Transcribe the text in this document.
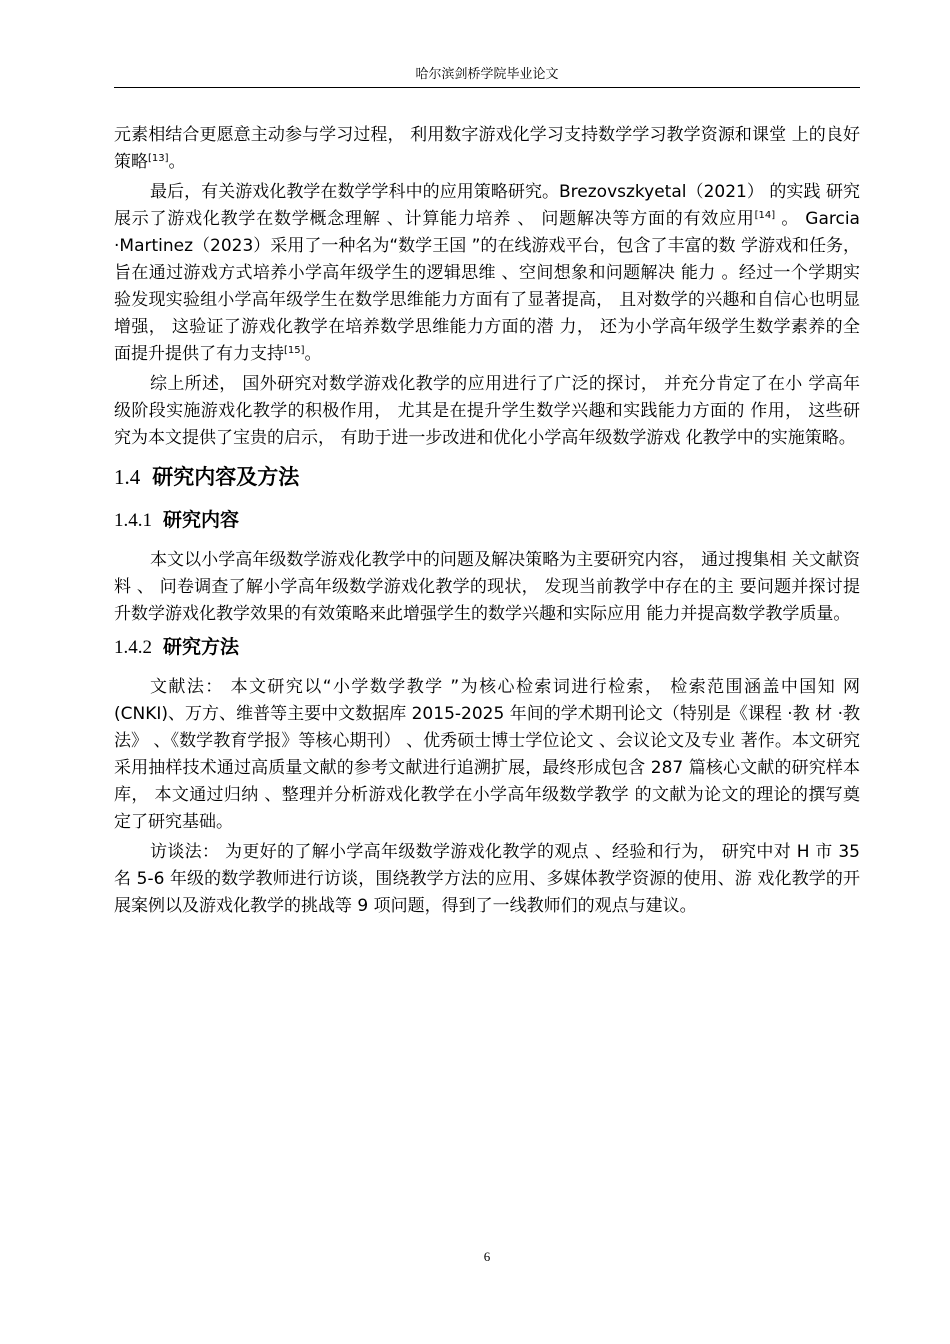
哈尔滨剑桥学院毕业论文

元素相结合更愿意主动参与学习过程， 利用数字游戏化学习支持数学学习教学资源和课堂 上的良好策略[13]。

最后，有关游戏化教学在数学学科中的应用策略研究。Brezovszkyetal（2021） 的实践 研究展示了游戏化教学在数学概念理解 、计算能力培养 、 问题解决等方面的有效应用[14] 。 Garcia ·Martinez（2023）采用了一种名为“数学王国 ”的在线游戏平台，包含了丰富的数 学游戏和任务， 旨在通过游戏方式培养小学高年级学生的逻辑思维 、空间想象和问题解决 能力 。经过一个学期实验发现实验组小学高年级学生在数学思维能力方面有了显著提高， 且对数学的兴趣和自信心也明显增强， 这验证了游戏化教学在培养数学思维能力方面的潜 力， 还为小学高年级学生数学素养的全面提升提供了有力支持[15]。

综上所述， 国外研究对数学游戏化教学的应用进行了广泛的探讨， 并充分肯定了在小 学高年级阶段实施游戏化教学的积极作用， 尤其是在提升学生数学兴趣和实践能力方面的 作用， 这些研究为本文提供了宝贵的启示， 有助于进一步改进和优化小学高年级数学游戏 化教学中的实施策略。

1.4 研究内容及方法
1.4.1 研究内容

本文以小学高年级数学游戏化教学中的问题及解决策略为主要研究内容， 通过搜集相 关文献资料 、 问卷调查了解小学高年级数学游戏化教学的现状， 发现当前教学中存在的主 要问题并探讨提升数学游戏化教学效果的有效策略来此增强学生的数学兴趣和实际应用 能力并提高数学教学质量。

1.4.2 研究方法

文献法： 本文研究以“小学数学教学 ”为核心检索词进行检索， 检索范围涵盖中国知 网(CNKI)、万方、维普等主要中文数据库 2015-2025 年间的学术期刊论文（特别是《课程 ·教 材 ·教法》 、《数学教育学报》等核心期刊） 、优秀硕士博士学位论文 、会议论文及专业 著作。本文研究采用抽样技术通过高质量文献的参考文献进行追溯扩展，最终形成包含 287 篇核心文献的研究样本库， 本文通过归纳 、整理并分析游戏化教学在小学高年级数学教学 的文献为论文的理论的撰写奠定了研究基础。

访谈法： 为更好的了解小学高年级数学游戏化教学的观点 、经验和行为， 研究中对 H 市 35 名 5-6 年级的数学教师进行访谈，围绕教学方法的应用、多媒体教学资源的使用、游 戏化教学的开展案例以及游戏化教学的挑战等 9 项问题，得到了一线教师们的观点与建议。

6
